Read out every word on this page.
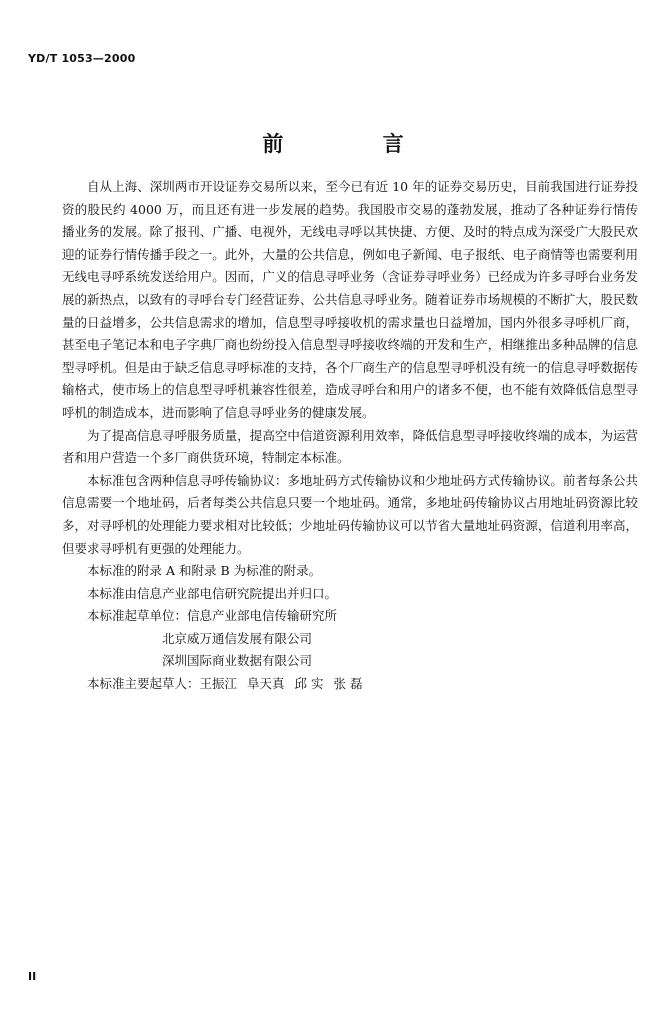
YD/T 1053—2000
前 言

自从上海、深圳两市开设证券交易所以来，至今已有近 10 年的证券交易历史，目前我国进行证券投资的股民约 4000 万，而且还有进一步发展的趋势。我国股市交易的蓬勃发展，推动了各种证券行情传播业务的发展。除了报刊、广播、电视外，无线电寻呼以其快捷、方便、及时的特点成为深受广大股民欢迎的证券行情传播手段之一。此外，大量的公共信息，例如电子新闻、电子报纸、电子商情等也需要利用无线电寻呼系统发送给用户。因而，广义的信息寻呼业务（含证券寻呼业务）已经成为许多寻呼台业务发展的新热点，以致有的寻呼台专门经营证券、公共信息寻呼业务。随着证券市场规模的不断扩大，股民数量的日益增多，公共信息需求的增加，信息型寻呼接收机的需求量也日益增加，国内外很多寻呼机厂商，甚至电子笔记本和电子字典厂商也纷纷投入信息型寻呼接收终端的开发和生产，相继推出多种品牌的信息型寻呼机。但是由于缺乏信息寻呼标准的支持，各个厂商生产的信息型寻呼机没有统一的信息寻呼数据传输格式，使市场上的信息型寻呼机兼容性很差，造成寻呼台和用户的诸多不便，也不能有效降低信息型寻呼机的制造成本，进而影响了信息寻呼业务的健康发展。

为了提高信息寻呼服务质量，提高空中信道资源利用效率，降低信息型寻呼接收终端的成本，为运营者和用户营造一个多厂商供货环境，特制定本标准。

本标准包含两种信息寻呼传输协议：多地址码方式传输协议和少地址码方式传输协议。前者每条公共信息需要一个地址码，后者每类公共信息只要一个地址码。通常，多地址码传输协议占用地址码资源比较多，对寻呼机的处理能力要求相对比较低；少地址码传输协议可以节省大量地址码资源，信道利用率高，但要求寻呼机有更强的处理能力。

本标准的附录 A 和附录 B 为标准的附录。

本标准由信息产业部电信研究院提出并归口。

本标准起草单位：信息产业部电信传输研究所

北京威万通信发展有限公司

深圳国际商业数据有限公司

本标准主要起草人：王振江 阜天真 邱 实 张 磊

II
